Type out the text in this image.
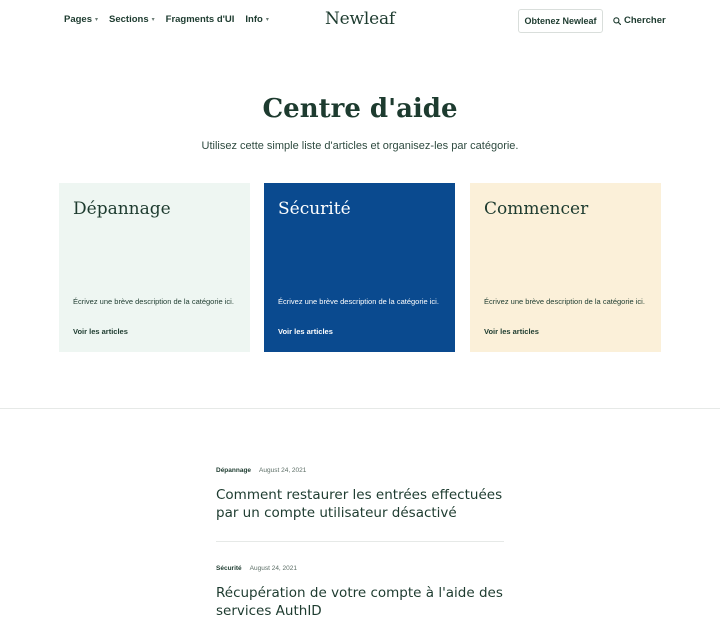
Pages ▾ Sections ▾ Fragments d'UI Info ▾	Newleaf	Obtenez Newleaf	Chercher
Centre d'aide

Utilisez cette simple liste d'articles et organisez-les par catégorie.

Dépannage
Écrivez une brève description de la catégorie ici.
Voir les articles
Sécurité
Écrivez une brève description de la catégorie ici.
Voir les articles
Commencer
Écrivez une brève description de la catégorie ici.
Voir les articles
Dépannage August 24, 2021
Comment restaurer les entrées effectuées par un compte utilisateur désactivé
Sécurité August 24, 2021
Récupération de votre compte à l'aide des services AuthID
